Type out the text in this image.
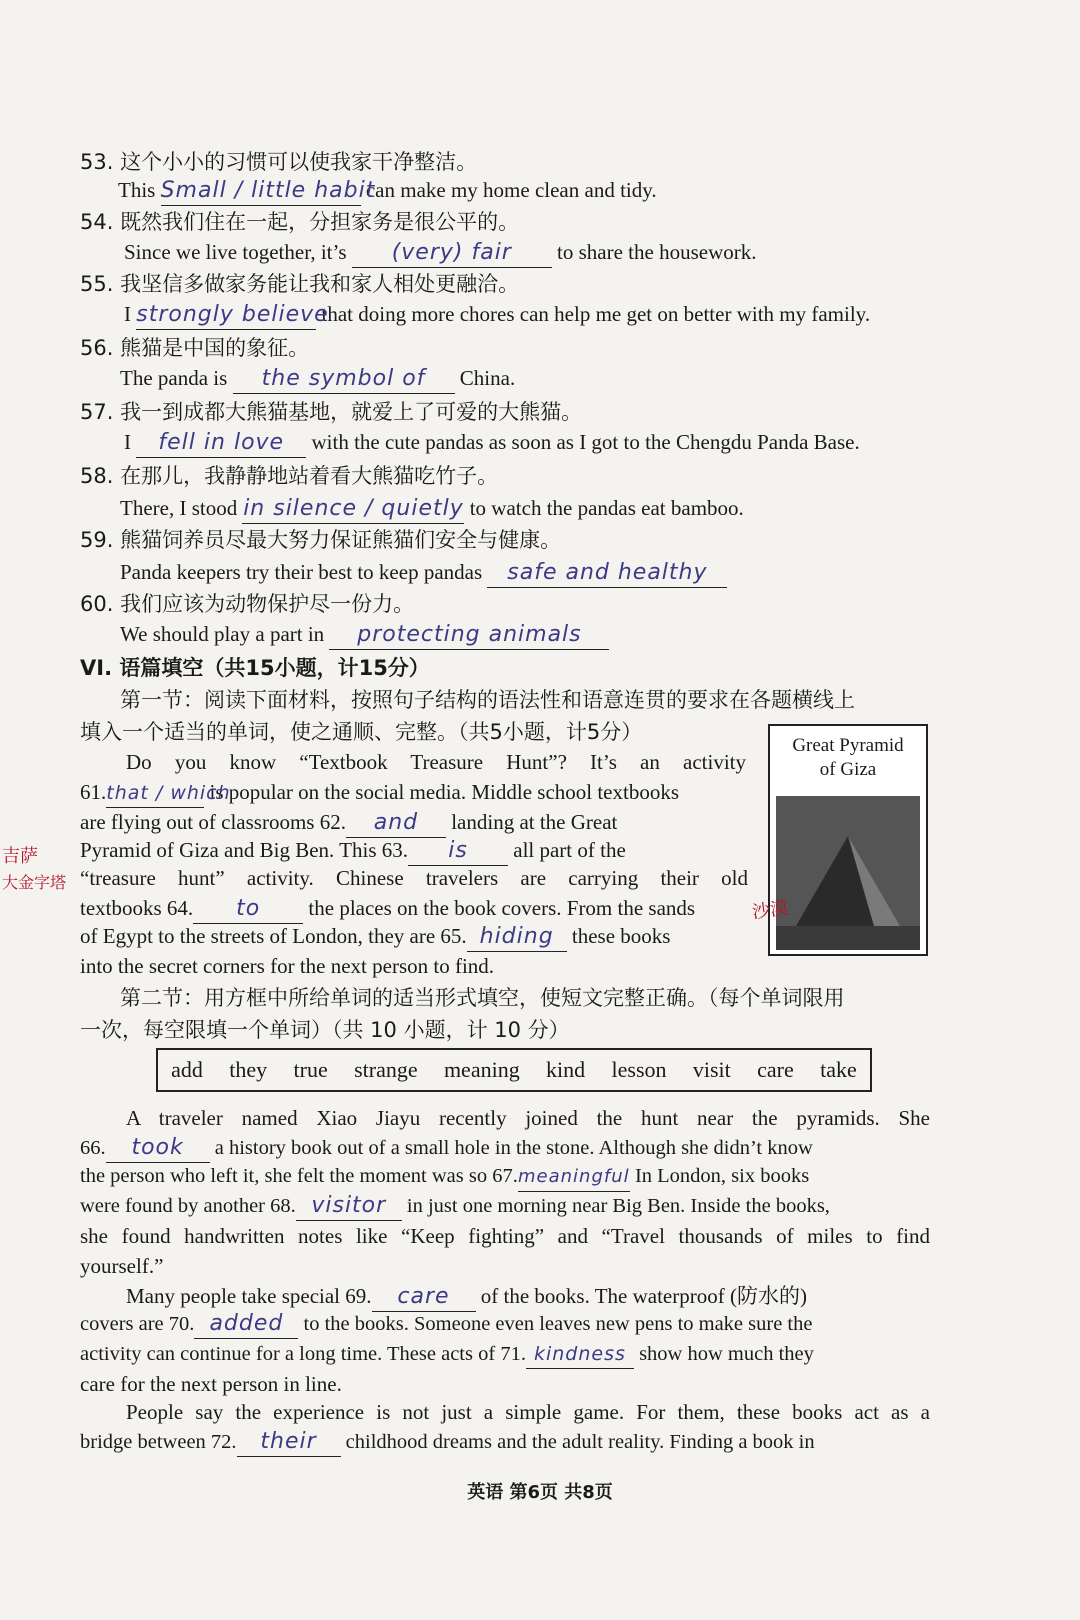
53. 这个小小的习惯可以使我家干净整洁。
This Small / little habit can make my home clean and tidy.
54. 既然我们住在一起，分担家务是很公平的。
Since we live together, it’s (very) fair to share the housework.
55. 我坚信多做家务能让我和家人相处更融洽。
I strongly believe that doing more chores can help me get on better with my family.
56. 熊猫是中国的象征。
The panda is the symbol of China.
57. 我一到成都大熊猫基地，就爱上了可爱的大熊猫。
I fell in love with the cute pandas as soon as I got to the Chengdu Panda Base.
58. 在那儿，我静静地站着看大熊猫吃竹子。
There, I stood in silence / quietly to watch the pandas eat bamboo.
59. 熊猫饲养员尽最大努力保证熊猫们安全与健康。
Panda keepers try their best to keep pandas safe and healthy
60. 我们应该为动物保护尽一份力。
We should play a part in protecting animals
VI. 语篇填空（共15小题，计15分）
第一节：阅读下面材料，按照句子结构的语法性和语意连贯的要求在各题横线上
填入一个适当的单词，使之通顺、完整。（共5小题，计5分）
Great Pyramid
of Giza
Do you know “Textbook Treasure Hunt”? It’s an activity
61.that / which is popular on the social media. Middle school textbooks
are flying out of classrooms 62. and landing at the Great
Pyramid of Giza and Big Ben. This 63. is all part of the
“treasure hunt” activity. Chinese travelers are carrying their old
textbooks 64. to the places on the book covers. From the sands
of Egypt to the streets of London, they are 65. hiding these books
into the secret corners for the next person to find.
第二节：用方框中所给单词的适当形式填空，使短文完整正确。（每个单词限用
一次，每空限填一个单词）（共 10 小题，计 10 分）
add they true strange meaning kind lesson visit care take
A traveler named Xiao Jiayu recently joined the hunt near the pyramids. She
66. took a history book out of a small hole in the stone. Although she didn’t know
the person who left it, she felt the moment was so 67.meaningful In London, six books
were found by another 68. visitor in just one morning near Big Ben. Inside the books,
she found handwritten notes like “Keep fighting” and “Travel thousands of miles to find
yourself.”
Many people take special 69. care of the books. The waterproof (防水的)
covers are 70. added to the books. Someone even leaves new pens to make sure the
activity can continue for a long time. These acts of 71. kindness show how much they
care for the next person in line.
People say the experience is not just a simple game. For them, these books act as a
bridge between 72. their childhood dreams and the adult reality. Finding a book in
吉萨
大金字塔
沙漠
英语 第6页 共8页
